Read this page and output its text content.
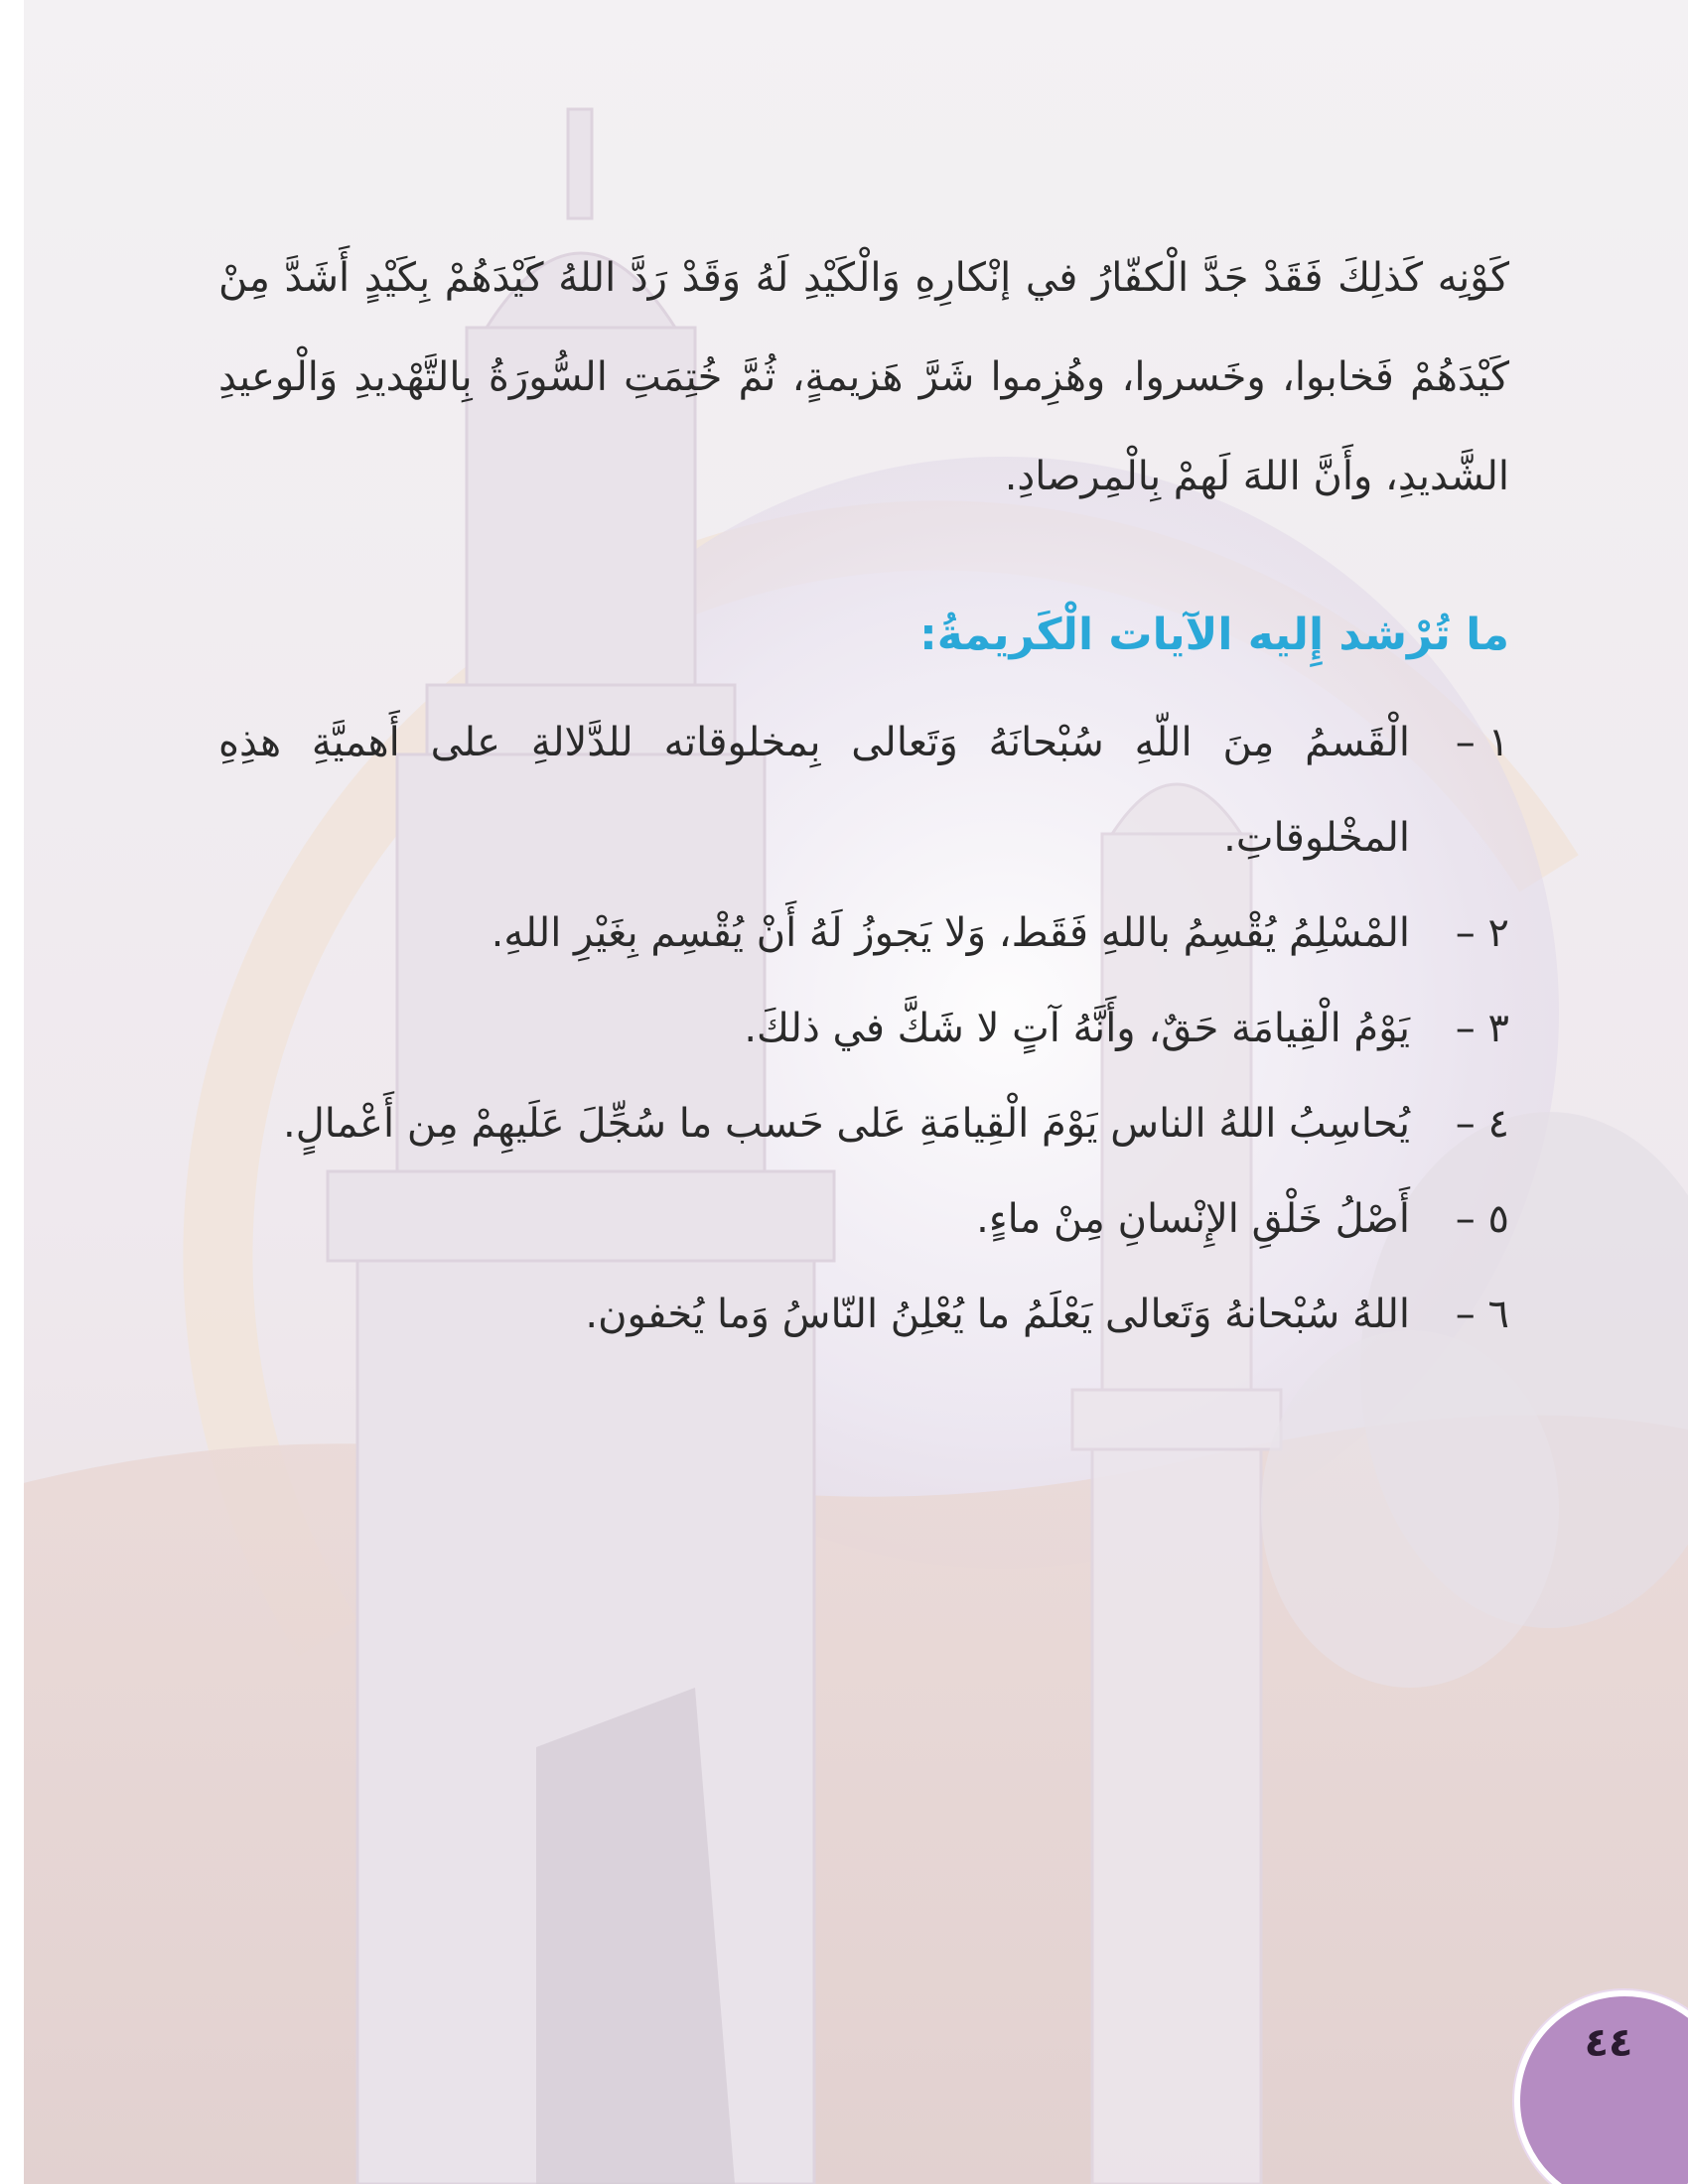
كَوْنِه كَذلِكَ فَقَدْ جَدَّ الْكفّارُ في إنْكارِهِ وَالْكَيْدِ لَهُ وَقَدْ رَدَّ اللهُ كَيْدَهُمْ بِكَيْدٍ أَشَدَّ مِنْ كَيْدَهُمْ فَخابوا، وخَسروا، وهُزِموا شَرَّ هَزيمةٍ، ثُمَّ خُتِمَتِ السُّورَةُ بِالتَّهْديدِ وَالْوعيدِ الشَّديدِ، وأَنَّ اللهَ لَهمْ بِالْمِرصادِ.

ما تُرْشد إِليه الآيات الْكَريمةُ:
١ –
الْقَسمُ مِنَ اللّهِ سُبْحانَهُ وَتَعالى بِمخلوقاته للدَّلالةِ على أَهميَّةِ هذِهِ المخْلوقاتِ.
٢ –
المْسْلِمُ يُقْسِمُ باللهِ فَقَط، وَلا يَجوزُ لَهُ أَنْ يُقْسِم بِغَيْرِ اللهِ.
٣ –
يَوْمُ الْقِيامَة حَقٌ، وأَنَّهُ آتٍ لا شَكَّ في ذلكَ.
٤ –
يُحاسِبُ اللهُ الناس يَوْمَ الْقِيامَةِ عَلى حَسب ما سُجِّلَ عَلَيهِمْ مِن أَعْمالٍ.
٥ –
أَصْلُ خَلْقِ الإِنْسانِ مِنْ ماءٍ.
٦ –
اللهُ سُبْحانهُ وَتَعالى يَعْلَمُ ما يُعْلِنُ النّاسُ وَما يُخفون.
٤٤
